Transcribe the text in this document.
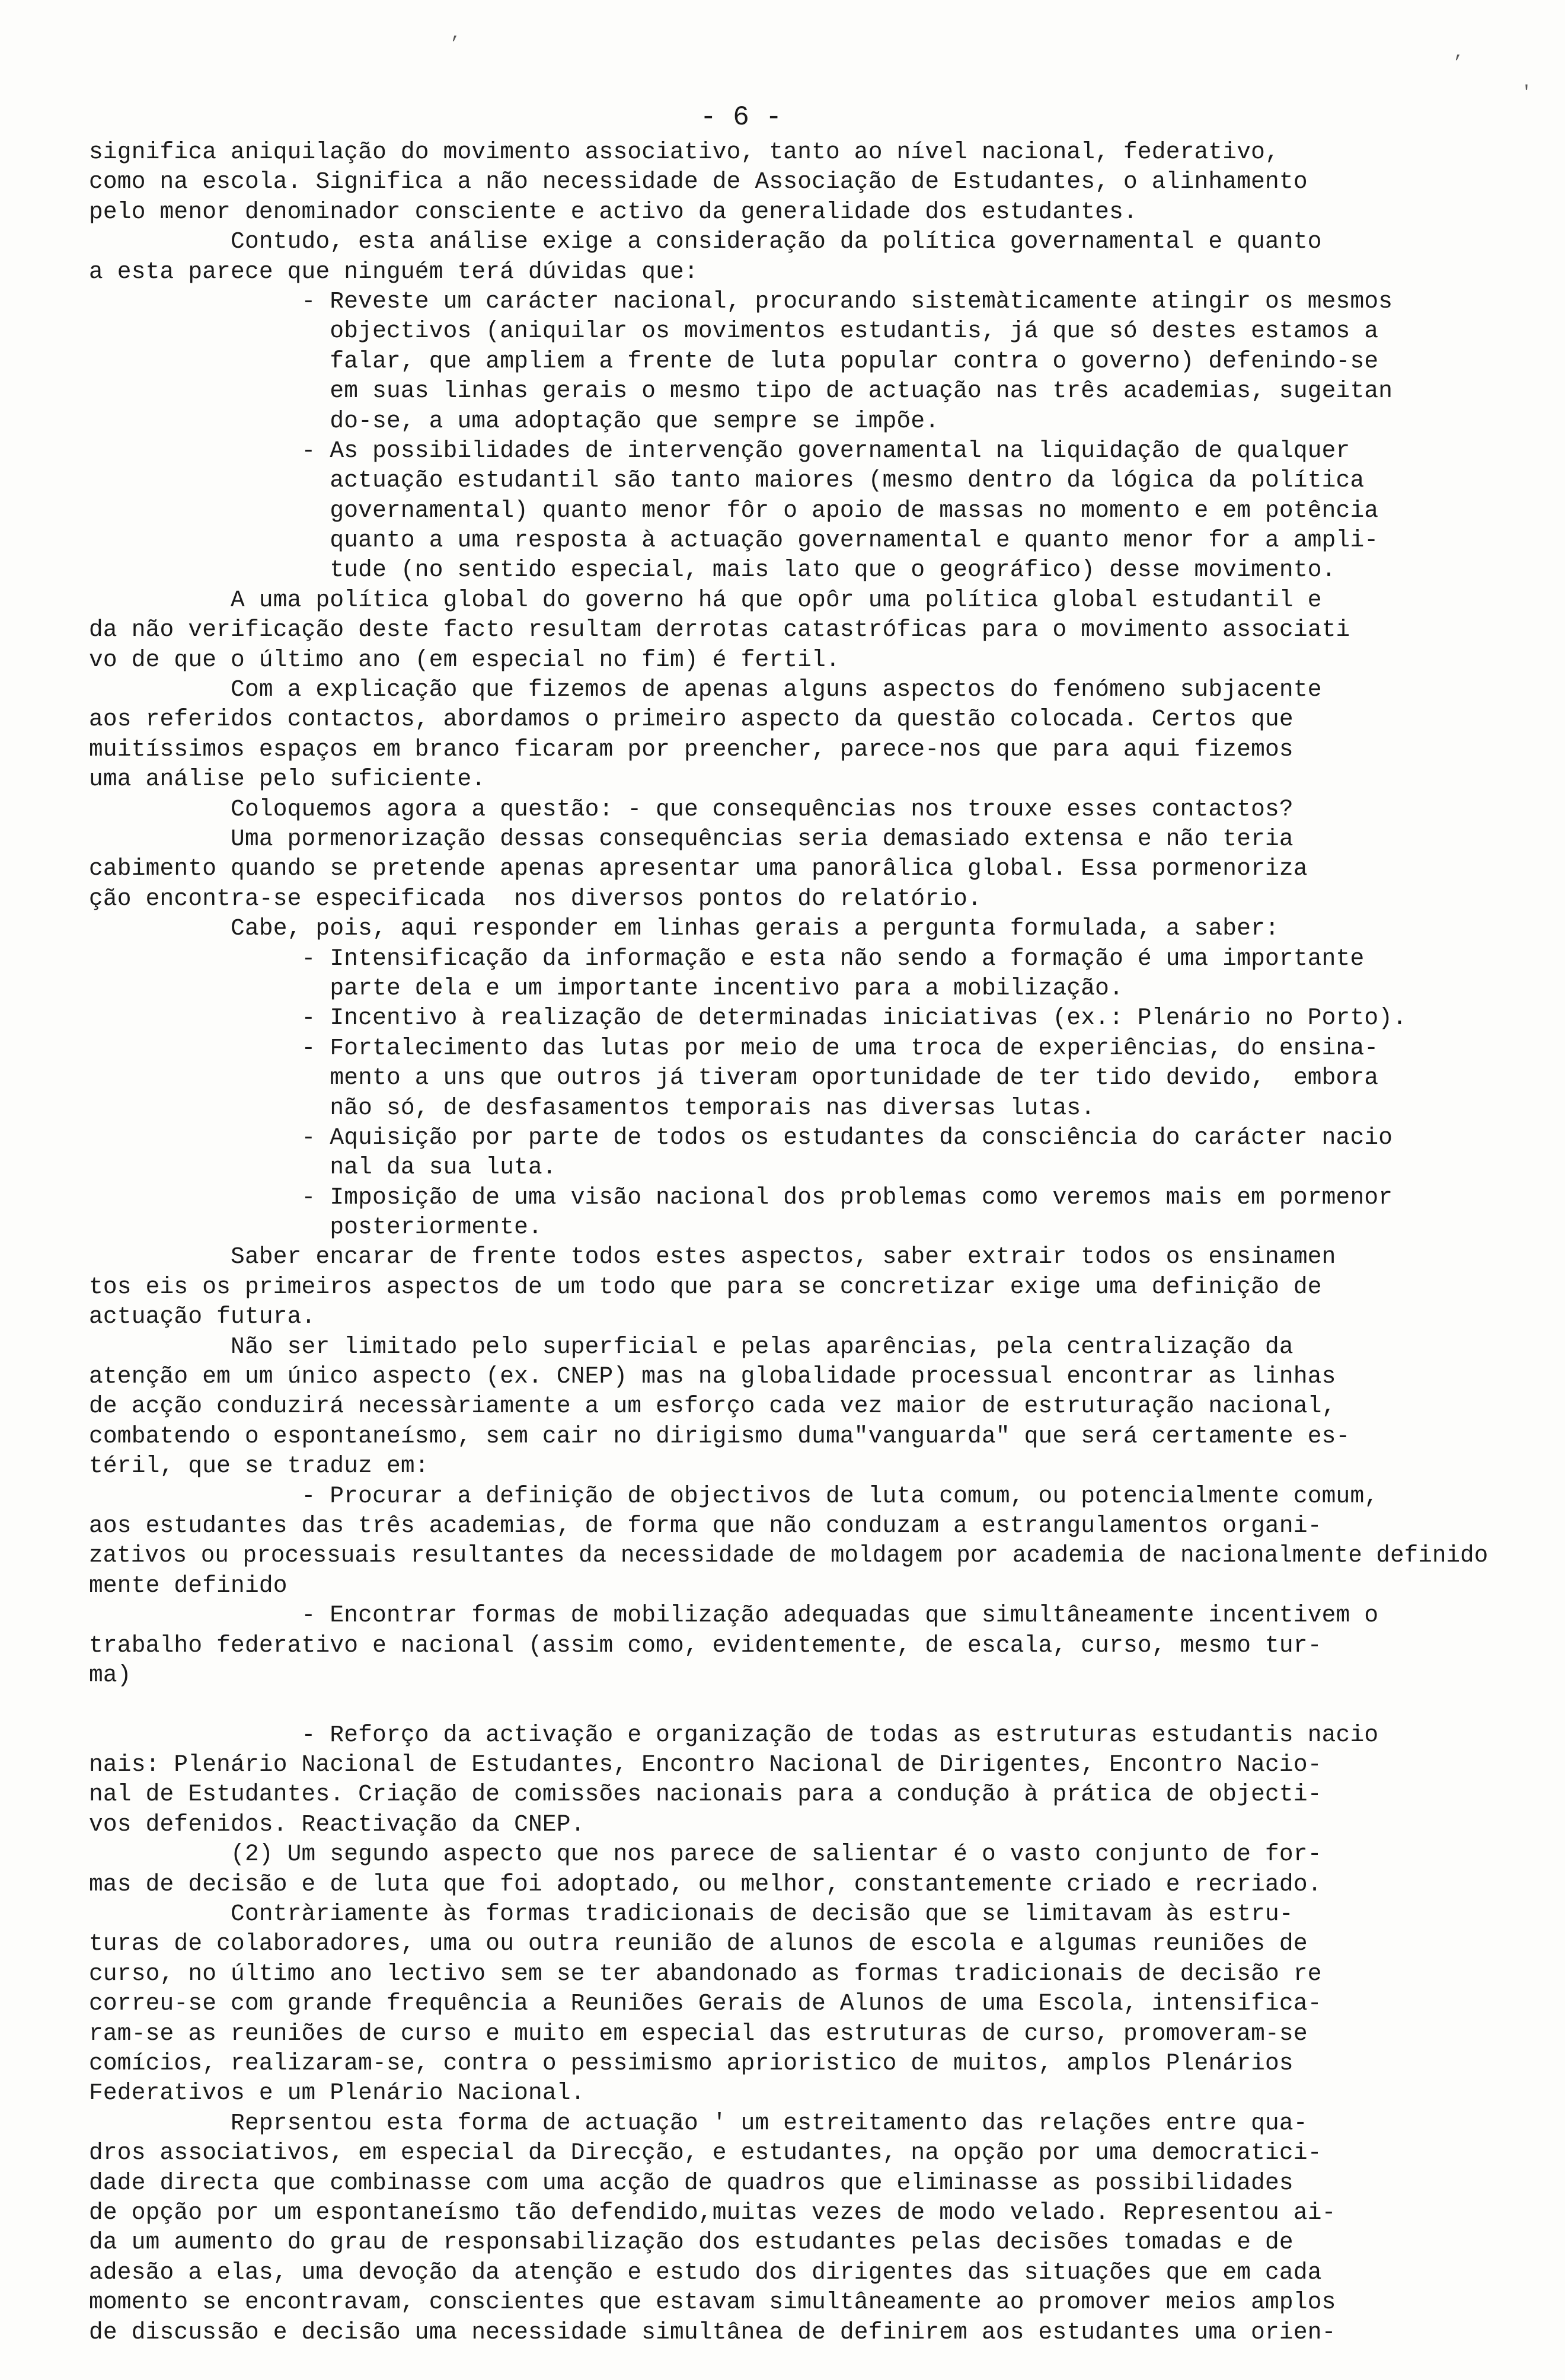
,
,
'
- 6 -
significa aniquilação do movimento associativo, tanto ao nível nacional, federativo,
como na escola. Significa a não necessidade de Associação de Estudantes, o alinhamento
pelo menor denominador consciente e activo da generalidade dos estudantes.
Contudo, esta análise exige a consideração da política governamental e quanto
a esta parece que ninguém terá dúvidas que:
- Reveste um carácter nacional, procurando sistemàticamente atingir os mesmos
objectivos (aniquilar os movimentos estudantis, já que só destes estamos a
falar, que ampliem a frente de luta popular contra o governo) defenindo-se
em suas linhas gerais o mesmo tipo de actuação nas três academias, sugeitan
do-se, a uma adoptação que sempre se impõe.
- As possibilidades de intervenção governamental na liquidação de qualquer
actuação estudantil são tanto maiores (mesmo dentro da lógica da política
governamental) quanto menor fôr o apoio de massas no momento e em potência
quanto a uma resposta à actuação governamental e quanto menor for a ampli-
tude (no sentido especial, mais lato que o geográfico) desse movimento.
A uma política global do governo há que opôr uma política global estudantil e
da não verificação deste facto resultam derrotas catastróficas para o movimento associati
vo de que o último ano (em especial no fim) é fertil.
Com a explicação que fizemos de apenas alguns aspectos do fenómeno subjacente
aos referidos contactos, abordamos o primeiro aspecto da questão colocada. Certos que
muitíssimos espaços em branco ficaram por preencher, parece-nos que para aqui fizemos
uma análise pelo suficiente.
Coloquemos agora a questão: - que consequências nos trouxe esses contactos?
Uma pormenorização dessas consequências seria demasiado extensa e não teria
cabimento quando se pretende apenas apresentar uma panorâlica global. Essa pormenoriza
ção encontra-se especificada  nos diversos pontos do relatório.
Cabe, pois, aqui responder em linhas gerais a pergunta formulada, a saber:
- Intensificação da informação e esta não sendo a formação é uma importante
parte dela e um importante incentivo para a mobilização.
- Incentivo à realização de determinadas iniciativas (ex.: Plenário no Porto).
- Fortalecimento das lutas por meio de uma troca de experiências, do ensina-
mento a uns que outros já tiveram oportunidade de ter tido devido,  embora
não só, de desfasamentos temporais nas diversas lutas.
- Aquisição por parte de todos os estudantes da consciência do carácter nacio
nal da sua luta.
- Imposição de uma visão nacional dos problemas como veremos mais em pormenor
posteriormente.
Saber encarar de frente todos estes aspectos, saber extrair todos os ensinamen
tos eis os primeiros aspectos de um todo que para se concretizar exige uma definição de
actuação futura.
Não ser limitado pelo superficial e pelas aparências, pela centralização da
atenção em um único aspecto (ex. CNEP) mas na globalidade processual encontrar as linhas
de acção conduzirá necessàriamente a um esforço cada vez maior de estruturação nacional,
combatendo o espontaneísmo, sem cair no dirigismo duma"vanguarda" que será certamente es-
téril, que se traduz em:
- Procurar a definição de objectivos de luta comum, ou potencialmente comum,
aos estudantes das três academias, de forma que não conduzam a estrangulamentos organi-
zativos ou processuais resultantes da necessidade de moldagem por academia de nacionalmente definido
mente definido
- Encontrar formas de mobilização adequadas que simultâneamente incentivem o
trabalho federativo e nacional (assim como, evidentemente, de escala, curso, mesmo tur-
ma)
- Reforço da activação e organização de todas as estruturas estudantis nacio
nais: Plenário Nacional de Estudantes, Encontro Nacional de Dirigentes, Encontro Nacio-
nal de Estudantes. Criação de comissões nacionais para a condução à prática de objecti-
vos defenidos. Reactivação da CNEP.
(2) Um segundo aspecto que nos parece de salientar é o vasto conjunto de for-
mas de decisão e de luta que foi adoptado, ou melhor, constantemente criado e recriado.
Contràriamente às formas tradicionais de decisão que se limitavam às estru-
turas de colaboradores, uma ou outra reunião de alunos de escola e algumas reuniões de
curso, no último ano lectivo sem se ter abandonado as formas tradicionais de decisão re
correu-se com grande frequência a Reuniões Gerais de Alunos de uma Escola, intensifica-
ram-se as reuniões de curso e muito em especial das estruturas de curso, promoveram-se
comícios, realizaram-se, contra o pessimismo aprioristico de muitos, amplos Plenários
Federativos e um Plenário Nacional.
Reprsentou esta forma de actuação ' um estreitamento das relações entre qua-
dros associativos, em especial da Direcção, e estudantes, na opção por uma democratici-
dade directa que combinasse com uma acção de quadros que eliminasse as possibilidades
de opção por um espontaneísmo tão defendido,muitas vezes de modo velado. Representou ai-
da um aumento do grau de responsabilização dos estudantes pelas decisões tomadas e de
adesão a elas, uma devoção da atenção e estudo dos dirigentes das situações que em cada
momento se encontravam, conscientes que estavam simultâneamente ao promover meios amplos
de discussão e decisão uma necessidade simultânea de definirem aos estudantes uma orien-
